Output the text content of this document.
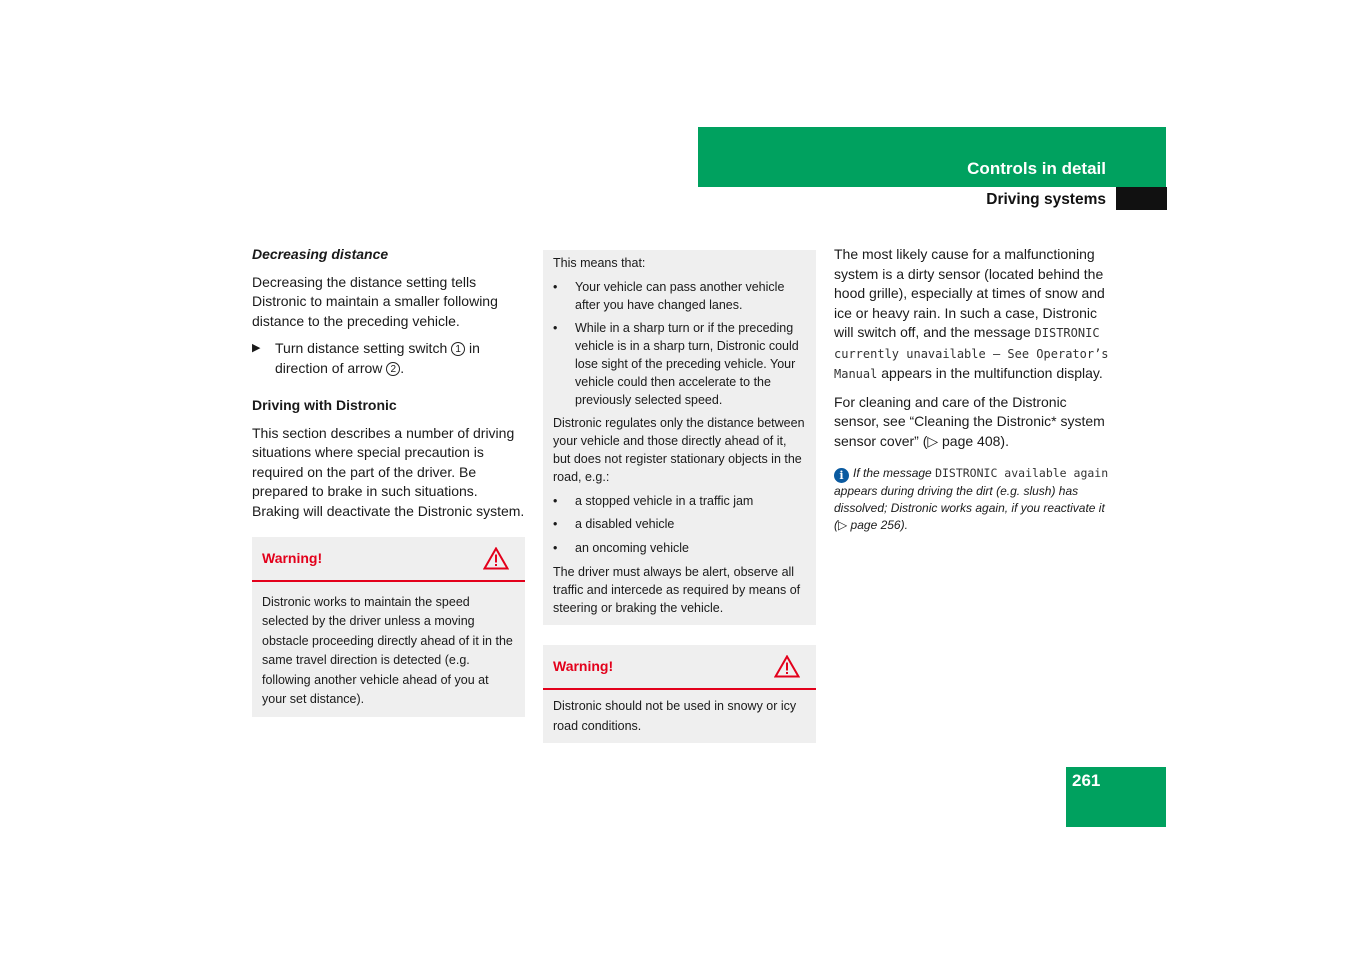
Controls in detail
Driving systems

Decreasing distance

Decreasing the distance setting tells Distronic to maintain a smaller following distance to the preceding vehicle.

▶ Turn distance setting switch 1 in direction of arrow 2 .

Driving with Distronic

This section describes a number of driving situations where special precaution is required on the part of the driver. Be prepared to brake in such situations. Braking will deactivate the Distronic system.

Warning!
Distronic works to maintain the speed selected by the driver unless a moving obstacle proceeding directly ahead of it in the same travel direction is detected (e.g. following another vehicle ahead of you at your set distance).

This means that:

• Your vehicle can pass another vehicle after you have changed lanes.

• While in a sharp turn or if the preceding vehicle is in a sharp turn, Distronic could lose sight of the preceding vehicle. Your vehicle could then accelerate to the previously selected speed.

Distronic regulates only the distance between your vehicle and those directly ahead of it, but does not register stationary objects in the road, e.g.:

• a stopped vehicle in a traffic jam

• a disabled vehicle

• an oncoming vehicle

The driver must always be alert, observe all traffic and intercede as required by means of steering or braking the vehicle.

Warning!
Distronic should not be used in snowy or icy road conditions.

The most likely cause for a malfunctioning system is a dirty sensor (located behind the hood grille), especially at times of snow and ice or heavy rain. In such a case, Distronic will switch off, and the message DISTRONIC currently unavailable – See Operator’s Manual appears in the multifunction display.

For cleaning and care of the Distronic sensor, see “Cleaning the Distronic* system sensor cover” (▷ page 408).

i If the message DISTRONIC available again appears during driving the dirt (e.g. slush) has dissolved; Distronic works again, if you reactivate it (▷ page 256).

261
